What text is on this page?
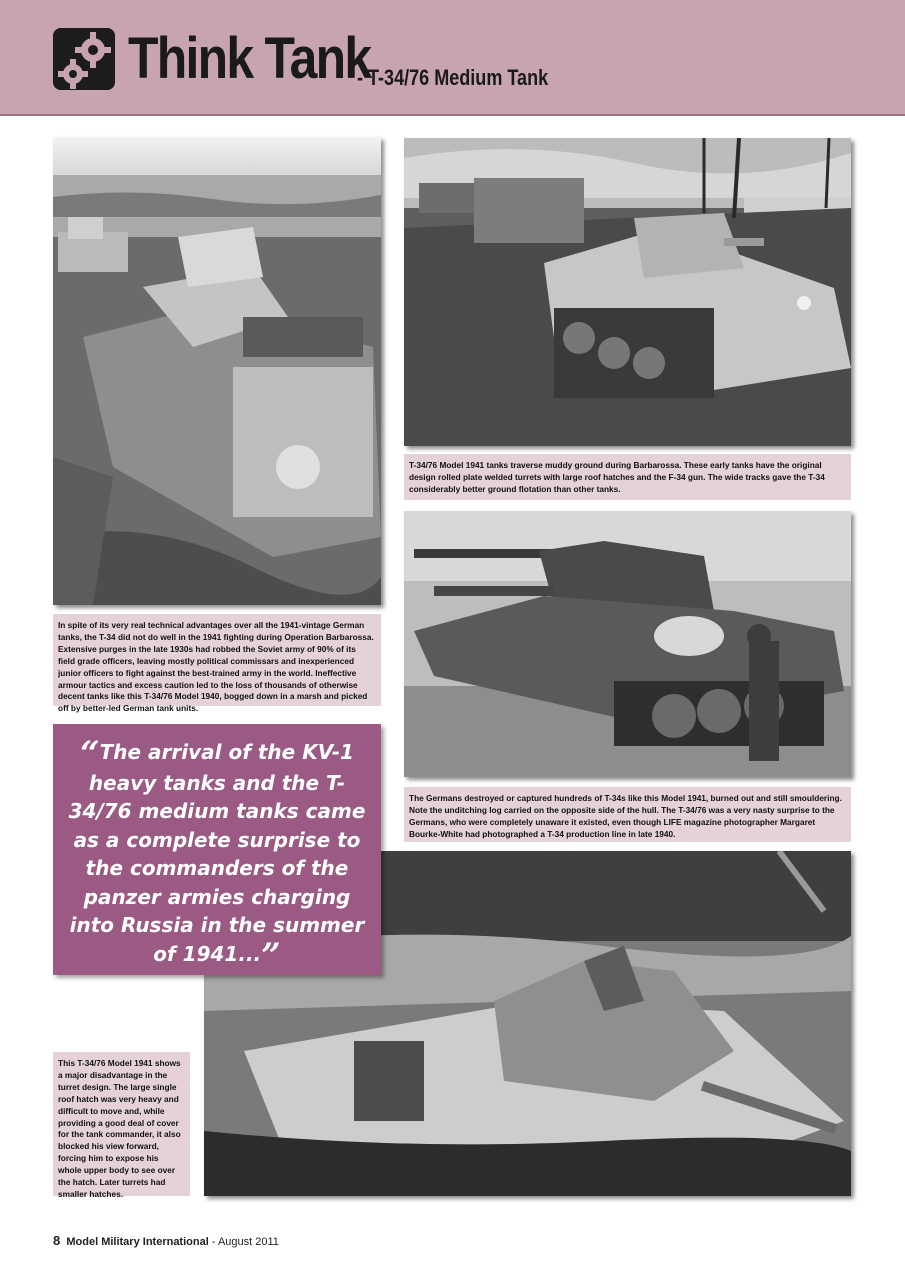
Think Tank
- T-34/76 Medium Tank
T-34/76 Model 1941 tanks traverse muddy ground during Barbarossa. These early tanks have the original design rolled plate welded turrets with large roof hatches and the F-34 gun. The wide tracks gave the T-34 considerably better ground flotation than other tanks.
The Germans destroyed or captured hundreds of T-34s like this Model 1941, burned out and still smouldering. Note the unditching log carried on the opposite side of the hull. The T-34/76 was a very nasty surprise to the Germans, who were completely unaware it existed, even though LIFE magazine photographer Margaret Bourke-White had photographed a T-34 production line in late 1940.
In spite of its very real technical advantages over all the 1941-vintage German tanks, the T-34 did not do well in the 1941 fighting during Operation Barbarossa. Extensive purges in the late 1930s had robbed the Soviet army of 90% of its field grade officers, leaving mostly political commissars and inexperienced junior officers to fight against the best-trained army in the world. Ineffective armour tactics and excess caution led to the loss of thousands of otherwise decent tanks like this T-34/76 Model 1940, bogged down in a marsh and picked off by better-led German tank units.
“The arrival of the KV-1 heavy tanks and the T-34/76 medium tanks came as a complete surprise to the commanders of the panzer armies charging into Russia in the summer of 1941...”
This T-34/76 Model 1941 shows a major disadvantage in the turret design. The large single roof hatch was very heavy and difficult to move and, while providing a good deal of cover for the tank commander, it also blocked his view forward, forcing him to expose his whole upper body to see over the hatch. Later turrets had smaller hatches.
8 Model Military International - August 2011
